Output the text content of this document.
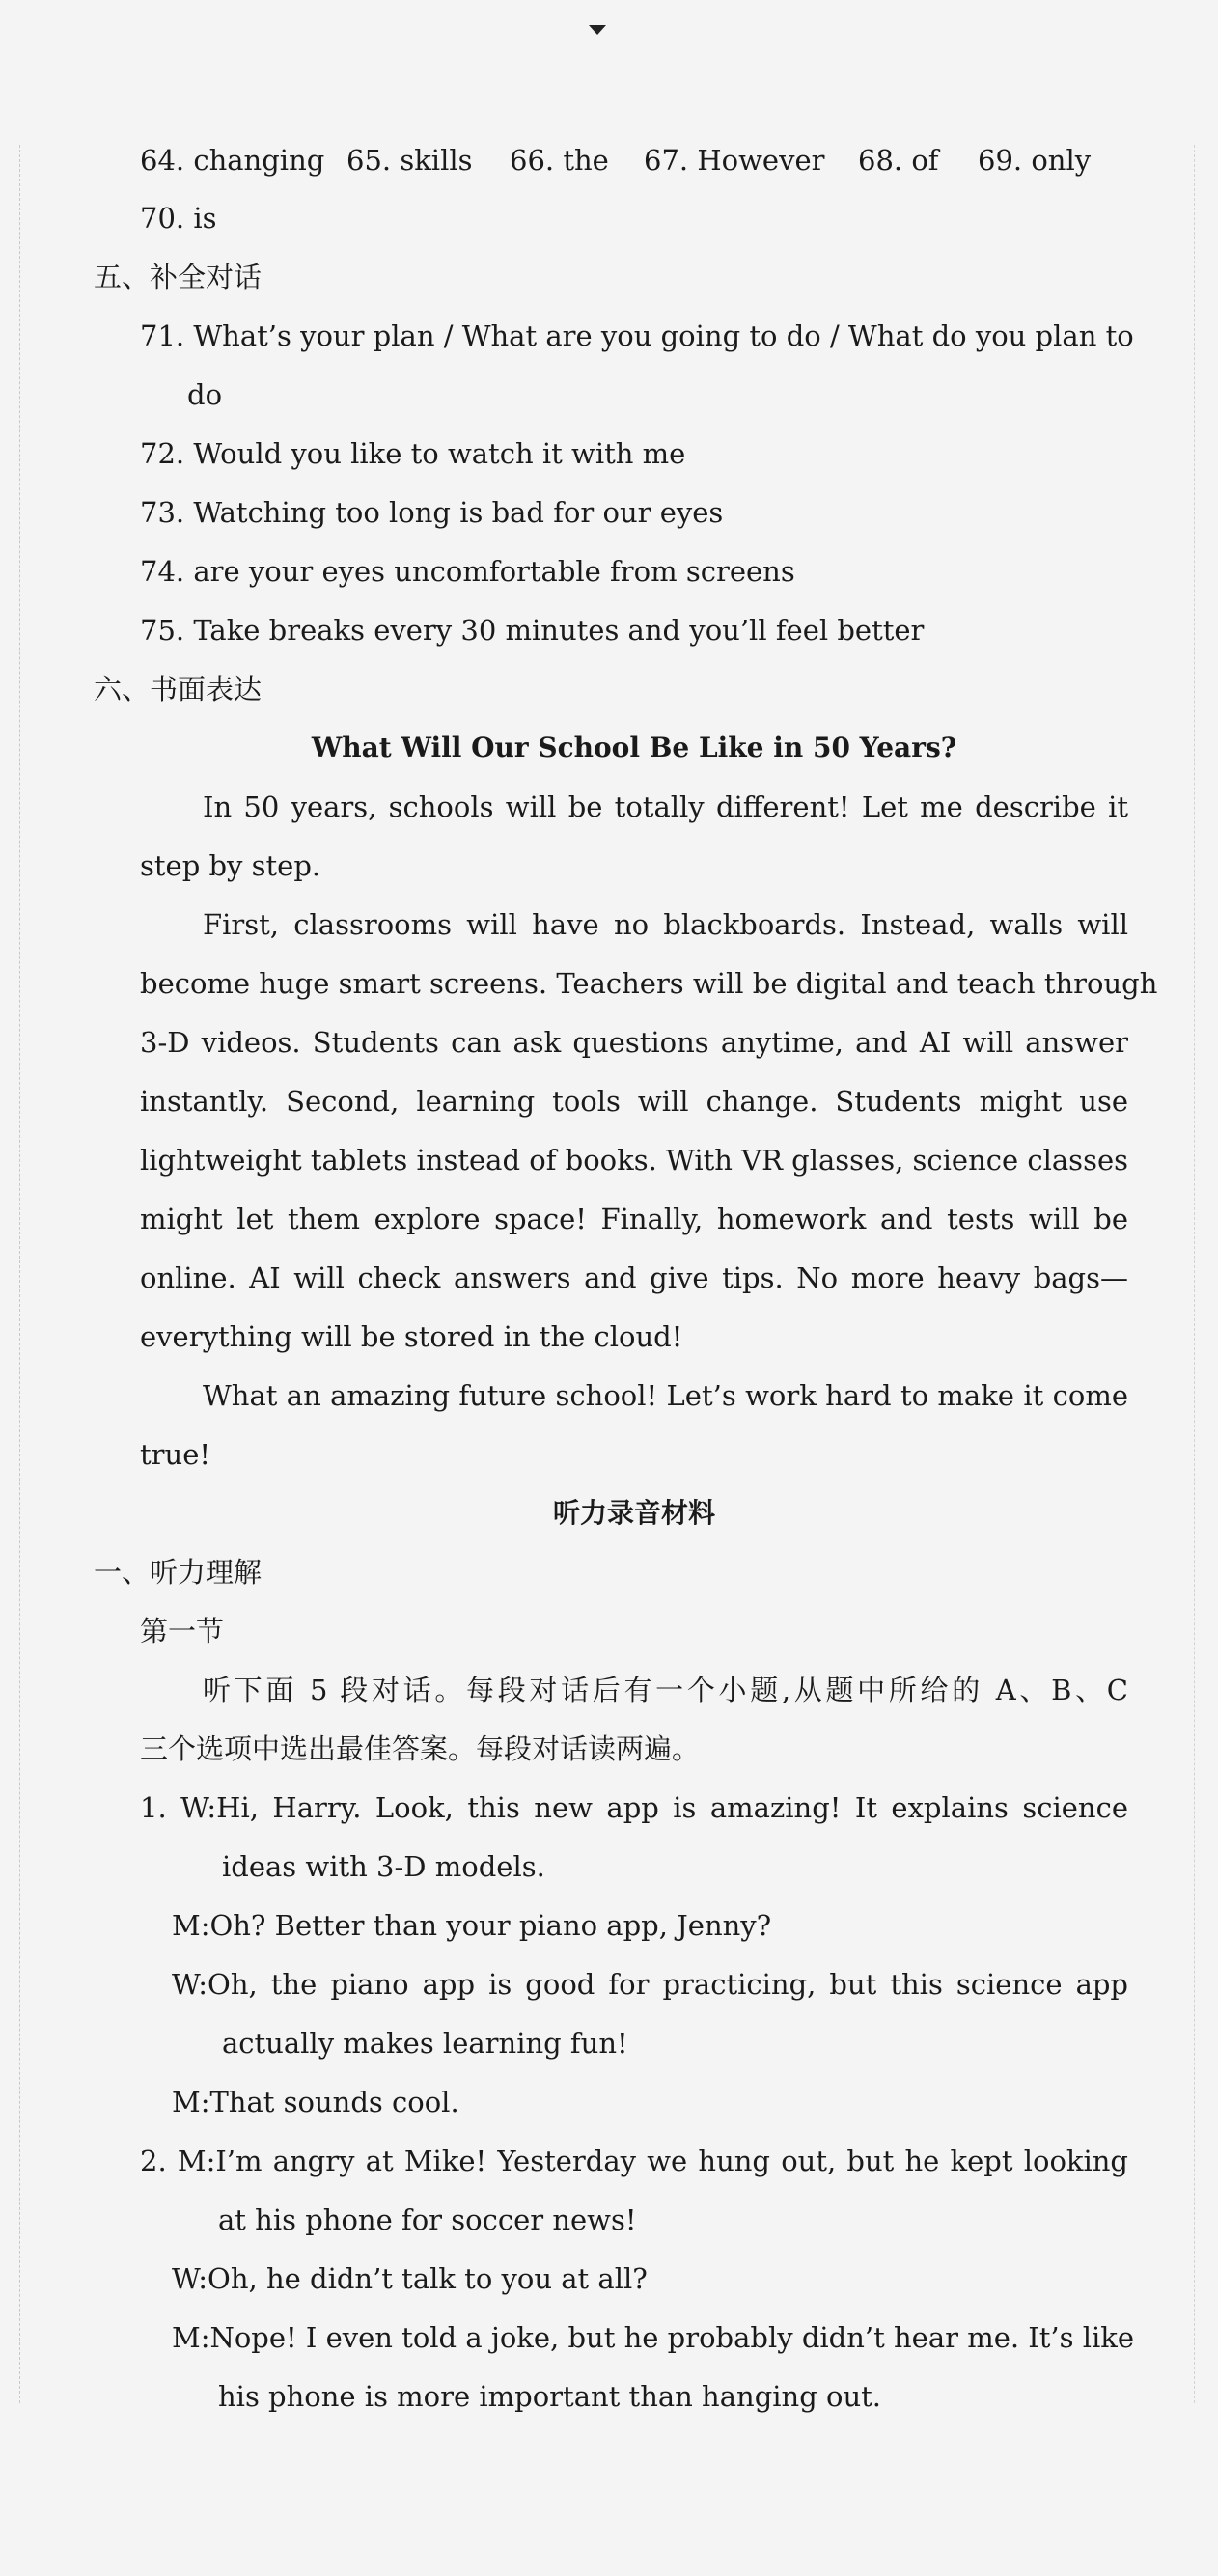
64. changing 65. skills 66. the 67. However 68. of 69. only
70. is
五、补全对话
71. What’s your plan / What are you going to do / What do you plan to
do
72. Would you like to watch it with me
73. Watching too long is bad for our eyes
74. are your eyes uncomfortable from screens
75. Take breaks every 30 minutes and you’ll feel better
六、书面表达
What Will Our School Be Like in 50 Years?
In 50 years, schools will be totally different! Let me describe it
step by step.
First, classrooms will have no blackboards. Instead, walls will
become huge smart screens. Teachers will be digital and teach through
3-D videos. Students can ask questions anytime, and AI will answer
instantly. Second, learning tools will change. Students might use
lightweight tablets instead of books. With VR glasses, science classes
might let them explore space! Finally, homework and tests will be
online. AI will check answers and give tips. No more heavy bags—
everything will be stored in the cloud!
What an amazing future school! Let’s work hard to make it come
true!
听力录音材料
一、听力理解
第一节
听下面 5 段对话。每段对话后有一个小题,从题中所给的 A、B、C
三个选项中选出最佳答案。每段对话读两遍。
1. W:Hi, Harry. Look, this new app is amazing! It explains science
ideas with 3-D models.
M:Oh? Better than your piano app, Jenny?
W:Oh, the piano app is good for practicing, but this science app
actually makes learning fun!
M:That sounds cool.
2. M:I’m angry at Mike! Yesterday we hung out, but he kept looking
at his phone for soccer news!
W:Oh, he didn’t talk to you at all?
M:Nope! I even told a joke, but he probably didn’t hear me. It’s like
his phone is more important than hanging out.
